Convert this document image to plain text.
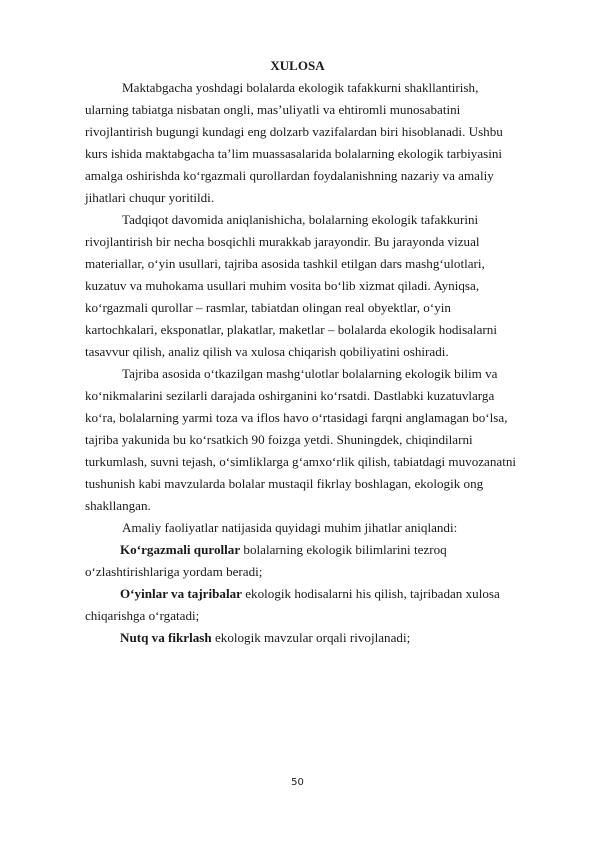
XULOSA

Maktabgacha yoshdagi bolalarda ekologik tafakkurni shakllantirish,

ularning tabiatga nisbatan ongli, mas’uliyatli va ehtiromli munosabatini

rivojlantirish bugungi kundagi eng dolzarb vazifalardan biri hisoblanadi. Ushbu

kurs ishida maktabgacha ta’lim muassasalarida bolalarning ekologik tarbiyasini

amalga oshirishda ko‘rgazmali qurollardan foydalanishning nazariy va amaliy

jihatlari chuqur yoritildi.

Tadqiqot davomida aniqlanishicha, bolalarning ekologik tafakkurini

rivojlantirish bir necha bosqichli murakkab jarayondir. Bu jarayonda vizual

materiallar, o‘yin usullari, tajriba asosida tashkil etilgan dars mashg‘ulotlari,

kuzatuv va muhokama usullari muhim vosita bo‘lib xizmat qiladi. Ayniqsa,

ko‘rgazmali qurollar – rasmlar, tabiatdan olingan real obyektlar, o‘yin

kartochkalari, eksponatlar, plakatlar, maketlar – bolalarda ekologik hodisalarni

tasavvur qilish, analiz qilish va xulosa chiqarish qobiliyatini oshiradi.

Tajriba asosida o‘tkazilgan mashg‘ulotlar bolalarning ekologik bilim va

ko‘nikmalarini sezilarli darajada oshirganini ko‘rsatdi. Dastlabki kuzatuvlarga

ko‘ra, bolalarning yarmi toza va iflos havo o‘rtasidagi farqni anglamagan bo‘lsa,

tajriba yakunida bu ko‘rsatkich 90 foizga yetdi. Shuningdek, chiqindilarni

turkumlash, suvni tejash, o‘simliklarga g‘amxo‘rlik qilish, tabiatdagi muvozanatni

tushunish kabi mavzularda bolalar mustaqil fikrlay boshlagan, ekologik ong

shakllangan.

Amaliy faoliyatlar natijasida quyidagi muhim jihatlar aniqlandi:

Ko‘rgazmali qurollar bolalarning ekologik bilimlarini tezroq

o‘zlashtirishlariga yordam beradi;

O‘yinlar va tajribalar ekologik hodisalarni his qilish, tajribadan xulosa

chiqarishga o‘rgatadi;

Nutq va fikrlash ekologik mavzular orqali rivojlanadi;

50
